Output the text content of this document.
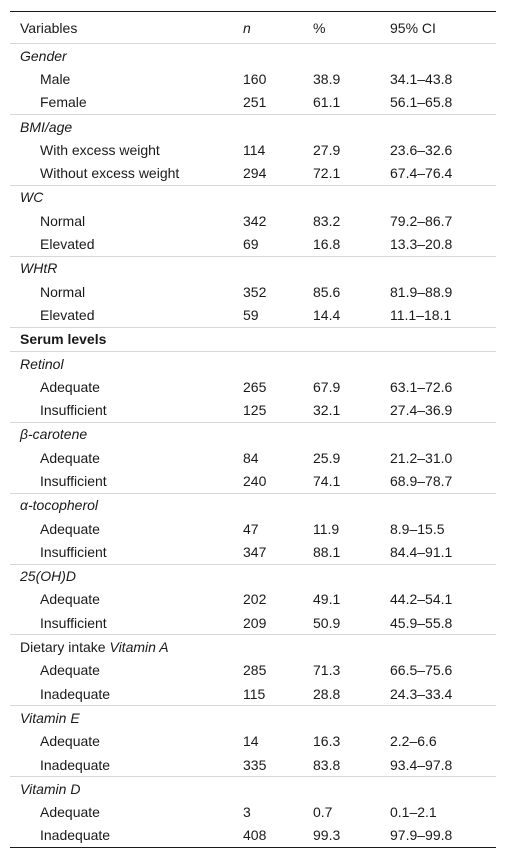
Variables	n	%	95% CI
Gender			
Male	160	38.9	34.1–43.8
Female	251	61.1	56.1–65.8
BMI/age			
With excess weight	114	27.9	23.6–32.6
Without excess weight	294	72.1	67.4–76.4
WC			
Normal	342	83.2	79.2–86.7
Elevated	69	16.8	13.3–20.8
WHtR			
Normal	352	85.6	81.9–88.9
Elevated	59	14.4	11.1–18.1
Serum levels			
Retinol			
Adequate	265	67.9	63.1–72.6
Insufficient	125	32.1	27.4–36.9
β-carotene			
Adequate	84	25.9	21.2–31.0
Insufficient	240	74.1	68.9–78.7
α-tocopherol			
Adequate	47	11.9	8.9–15.5
Insufficient	347	88.1	84.4–91.1
25(OH)D			
Adequate	202	49.1	44.2–54.1
Insufficient	209	50.9	45.9–55.8
Dietary intake Vitamin A			
Adequate	285	71.3	66.5–75.6
Inadequate	115	28.8	24.3–33.4
Vitamin E			
Adequate	14	16.3	2.2–6.6
Inadequate	335	83.8	93.4–97.8
Vitamin D			
Adequate	3	0.7	0.1–2.1
Inadequate	408	99.3	97.9–99.8
